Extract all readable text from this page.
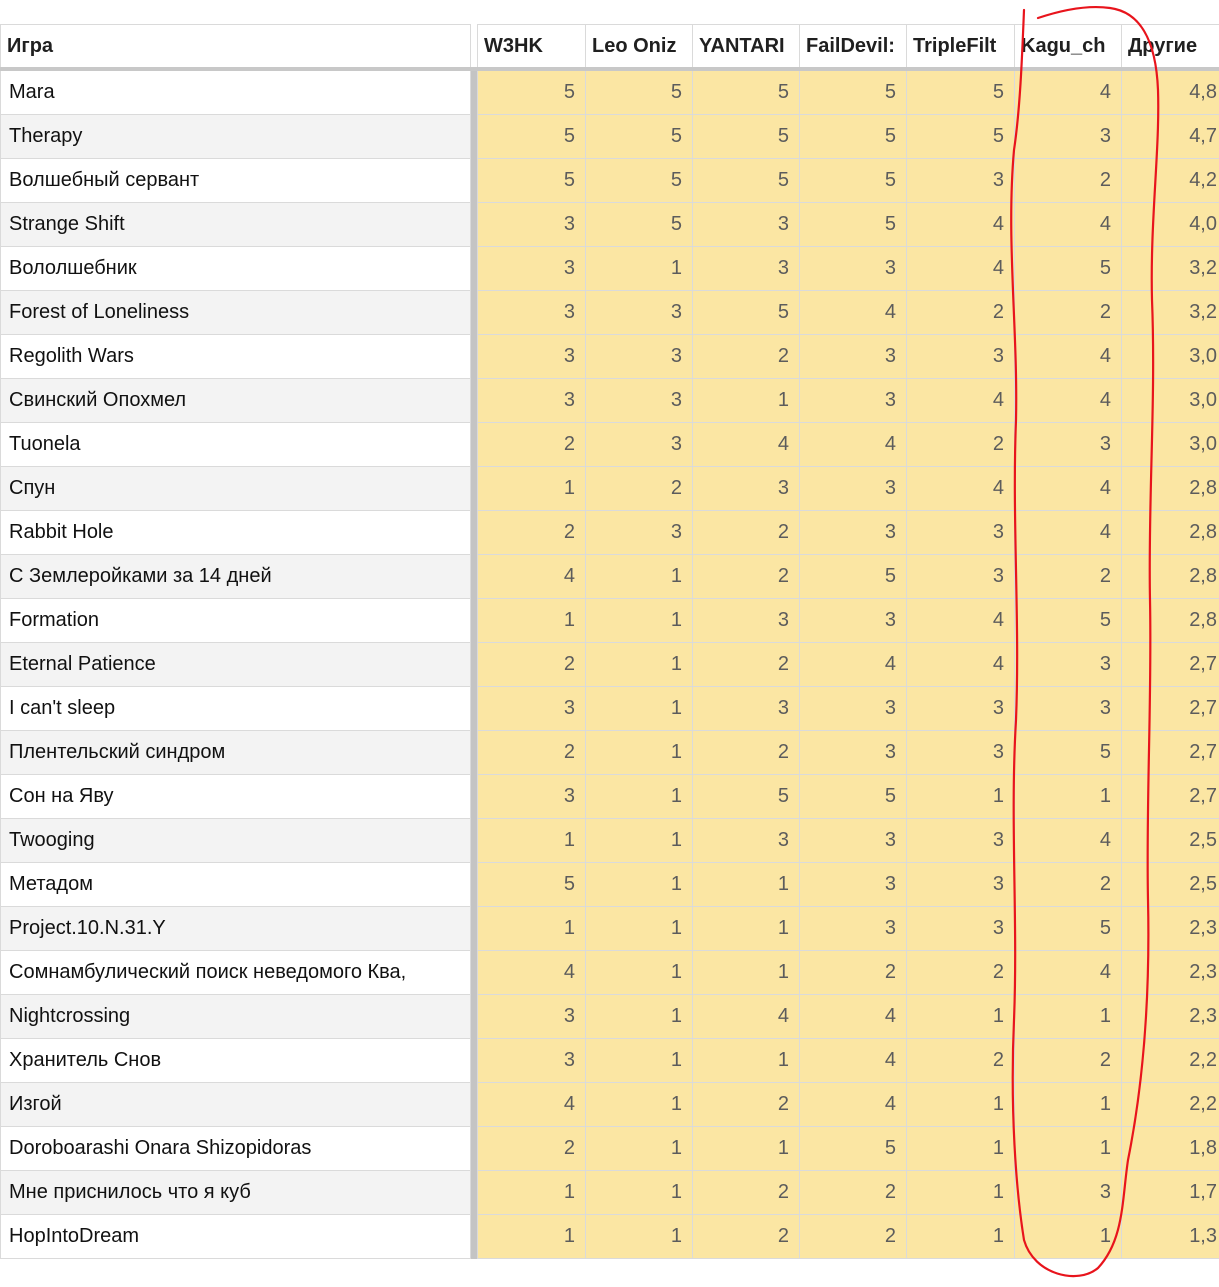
Игра		W3HK	Leo Oniz	YANTARI	FailDevil:	TripleFilt	Kagu_ch	Другие
Mara		5	5	5	5	5	4	4,8
Therapy		5	5	5	5	5	3	4,7
Волшебный сервант		5	5	5	5	3	2	4,2
Strange Shift		3	5	3	5	4	4	4,0
Вололшебник		3	1	3	3	4	5	3,2
Forest of Loneliness		3	3	5	4	2	2	3,2
Regolith Wars		3	3	2	3	3	4	3,0
Свинский Опохмел		3	3	1	3	4	4	3,0
Tuonela		2	3	4	4	2	3	3,0
Спун		1	2	3	3	4	4	2,8
Rabbit Hole		2	3	2	3	3	4	2,8
С Землеройками за 14 дней		4	1	2	5	3	2	2,8
Formation		1	1	3	3	4	5	2,8
Eternal Patience		2	1	2	4	4	3	2,7
I can't sleep		3	1	3	3	3	3	2,7
Плентельский синдром		2	1	2	3	3	5	2,7
Сон на Яву		3	1	5	5	1	1	2,7
Twooging		1	1	3	3	3	4	2,5
Метадом		5	1	1	3	3	2	2,5
Project.10.N.31.Y		1	1	1	3	3	5	2,3
Сомнамбулический поиск неведомого Ква,		4	1	1	2	2	4	2,3
Nightcrossing		3	1	4	4	1	1	2,3
Хранитель Снов		3	1	1	4	2	2	2,2
Изгой		4	1	2	4	1	1	2,2
Doroboarashi Onara Shizopidoras		2	1	1	5	1	1	1,8
Мне приснилось что я куб		1	1	2	2	1	3	1,7
HopIntoDream		1	1	2	2	1	1	1,3
